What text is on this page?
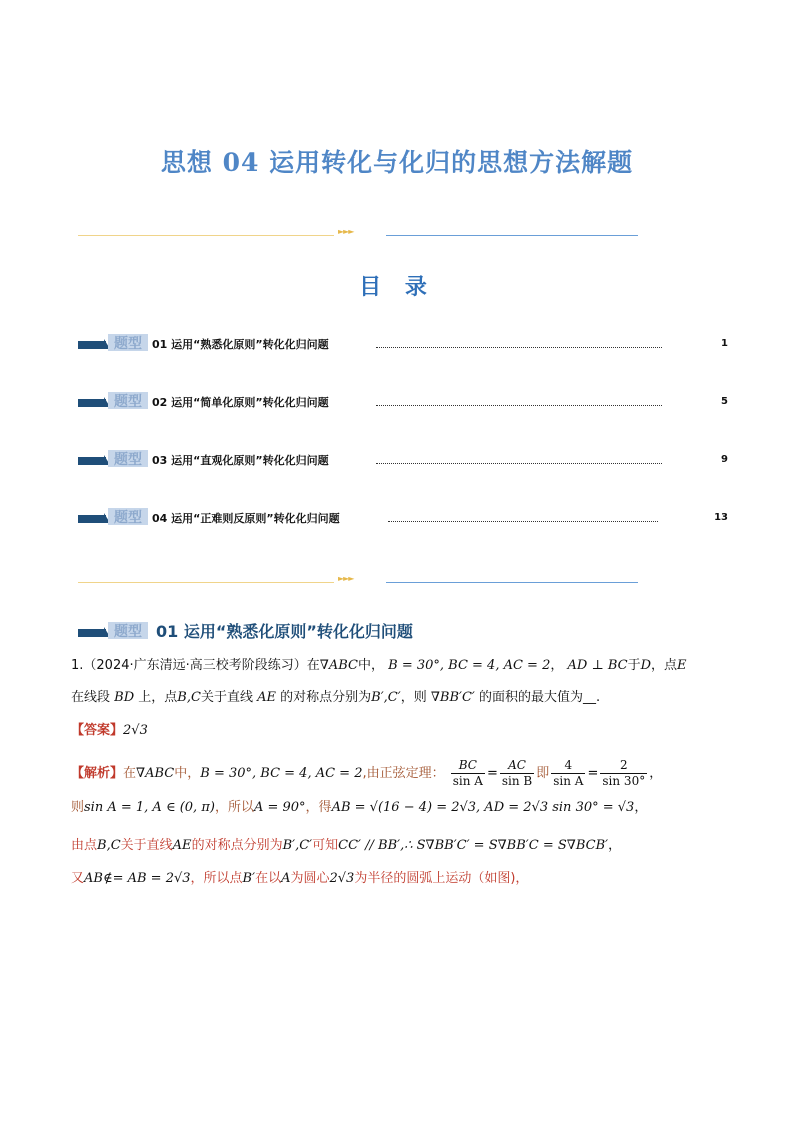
思想 04 运用转化与化归的思想方法解题
►►►
目 录
题型 01 运用“熟悉化原则”转化化归问题	1
题型 02 运用“简单化原则”转化化归问题	5
题型 03 运用“直观化原则”转化化归问题	9
题型 04 运用“正难则反原则”转化化归问题	13
►►►
题型 01 运用“熟悉化原则”转化化归问题
1.（2024·广东清远·高三校考阶段练习）在∇ABC中， B = 30°, BC = 4, AC = 2， AD ⊥ BC于D，点E
在线段 BD 上，点B,C关于直线 AE 的对称点分别为B′,C′，则 ∇BB′C′ 的面积的最大值为__.
【答案】2√3
【解析】在∇ABC中，B = 30°, BC = 4, AC = 2,由正弦定理： $\frac{BC}{\text{sin A}} = \frac{AC}{\text{sin B}}$ 即 $\frac{4}{\text{sin A}} = \frac{2}{\sin 30^\circ}$ ，
则sin A = 1, A ∈ (0, π)，所以A = 90°，得AB = √(16 − 4) = 2√3, AD = 2√3 sin 30° = √3，
由点B,C关于直线AE的对称点分别为B′,C′可知CC′ // BB′,∴ S∇BB′C′ = S∇BB′C = S∇BCB′，
又AB∉= AB = 2√3，所以点B′在以A为圆心2√3为半径的圆弧上运动（如图)，
